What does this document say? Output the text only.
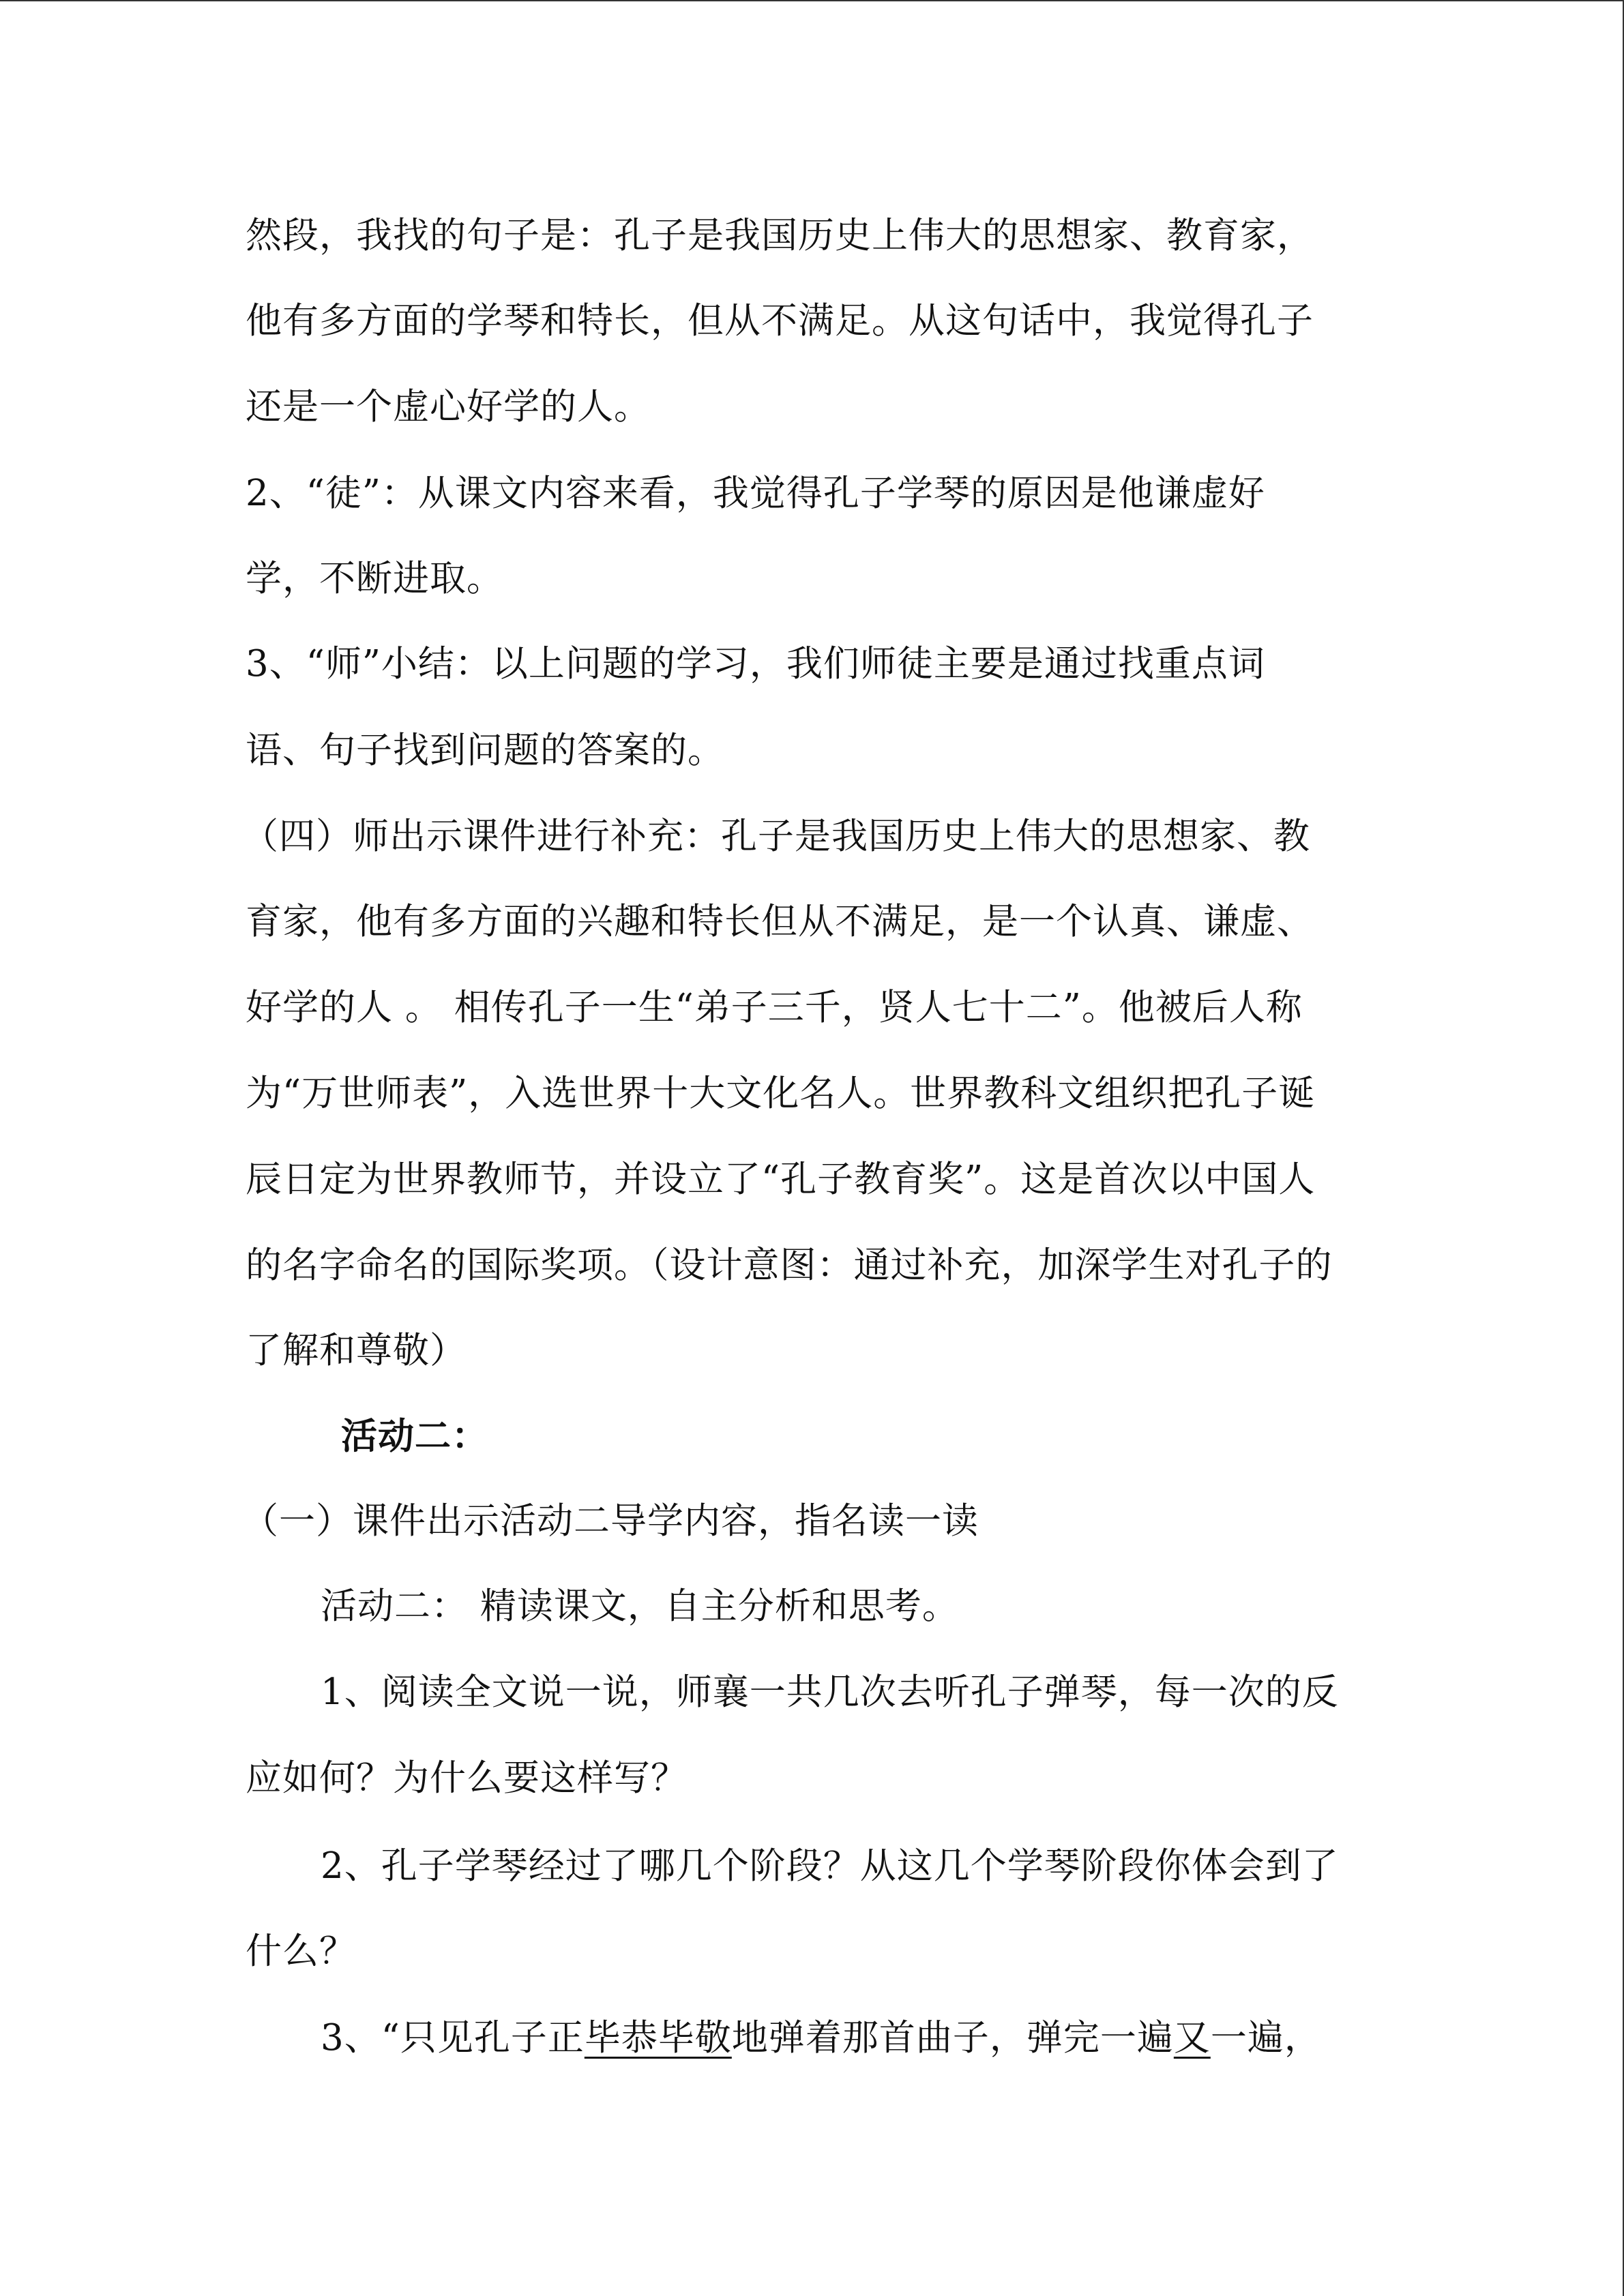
然段，我找的句子是：孔子是我国历史上伟大的思想家、教育家，
他有多方面的学琴和特长，但从不满足。从这句话中，我觉得孔子
还是一个虚心好学的人。
2、“徒”：从课文内容来看，我觉得孔子学琴的原因是他谦虚好
学，不断进取。
3、“师”小结：以上问题的学习，我们师徒主要是通过找重点词
语、句子找到问题的答案的。
（四）师出示课件进行补充：孔子是我国历史上伟大的思想家、教
育家，他有多方面的兴趣和特长但从不满足，是一个认真、谦虚、
好学的人 。 相传孔子一生“弟子三千，贤人七十二”。他被后人称
为“万世师表”，入选世界十大文化名人。世界教科文组织把孔子诞
辰日定为世界教师节，并设立了“孔子教育奖”。这是首次以中国人
的名字命名的国际奖项。（设计意图：通过补充，加深学生对孔子的
了解和尊敬）
活动二：
（一）课件出示活动二导学内容，指名读一读
活动二： 精读课文，自主分析和思考。
1、阅读全文说一说，师襄一共几次去听孔子弹琴，每一次的反
应如何？为什么要这样写？
2、孔子学琴经过了哪几个阶段？从这几个学琴阶段你体会到了
什么？
3、“只见孔子正毕恭毕敬地弹着那首曲子，弹完一遍又一遍，
